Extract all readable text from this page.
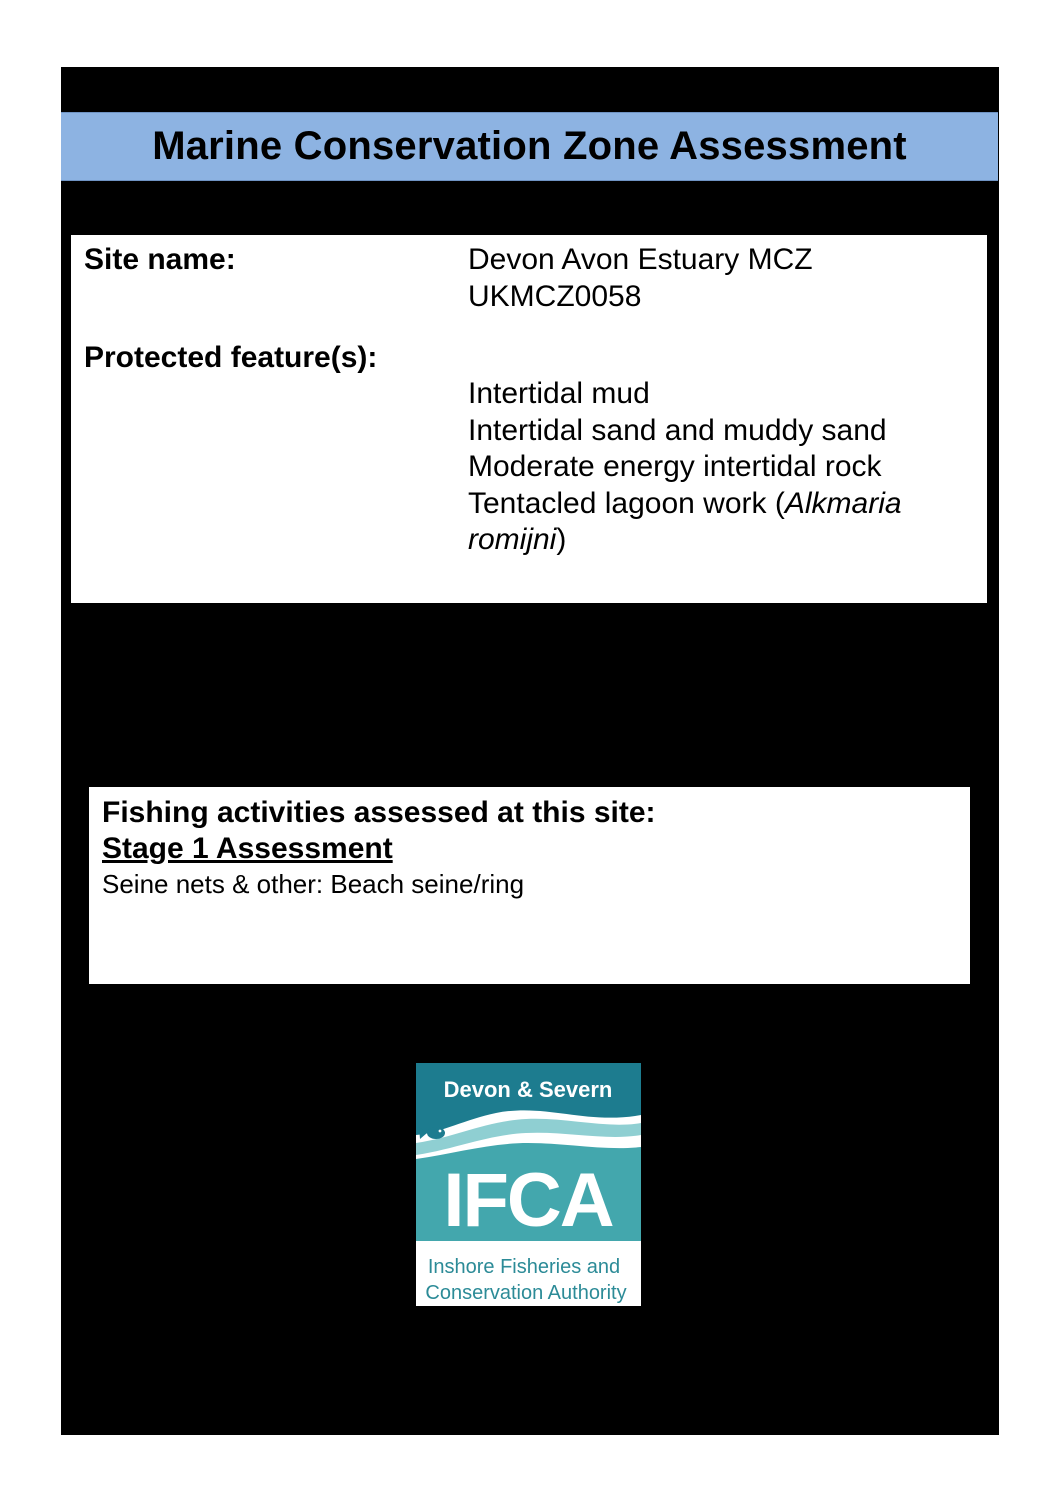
Marine Conservation Zone Assessment
Site name:	Devon Avon Estuary MCZ
UKMCZ0058
Protected feature(s):
Intertidal mud
Intertidal sand and muddy sand
Moderate energy intertidal rock
Tentacled lagoon work (Alkmaria
romijni)
Fishing activities assessed at this site:
Stage 1 Assessment
Seine nets & other: Beach seine/ring
Devon & Severn
IFCA
Inshore Fisheries and
Conservation Authority
